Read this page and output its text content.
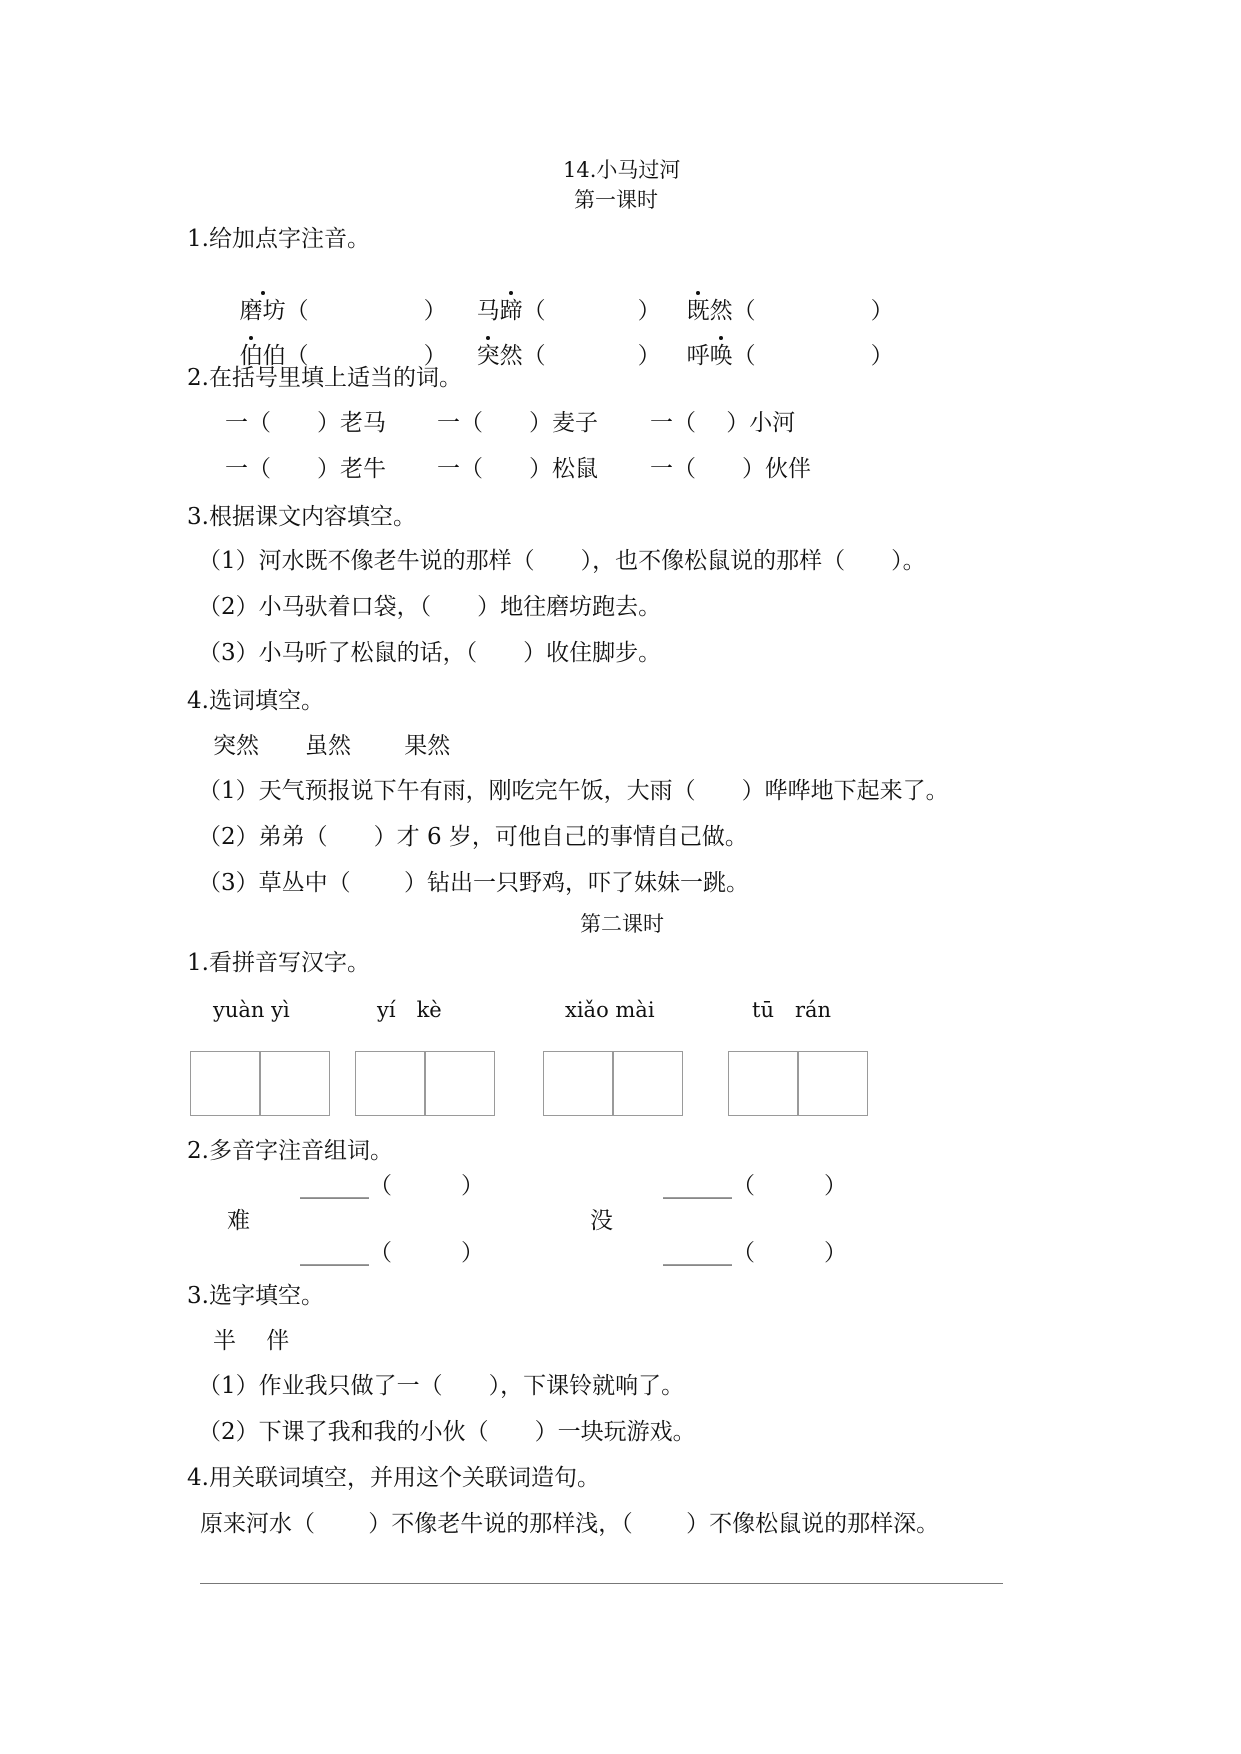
14.小马过河
第一课时
1.给加点字注音。

磨坊（　　　　　）	马蹄（　　　　）	既然（　　　　　）

伯伯（　　　　　）	突然（　　　　）	呼唤（　　　　　）

2.在括号里填上适当的词。
一（　　）老马 一（　　）麦子 一（　 ）小河
一（　　）老牛 一（　　）松鼠 一（　　）伙伴
3.根据课文内容填空。
（1）河水既不像老牛说的那样（　　），也不像松鼠说的那样（　　）。
（2）小马驮着口袋，（　　）地往磨坊跑去。
（3）小马听了松鼠的话，（　　）收住脚步。
4.选词填空。
突然　　虽然　　 果然
（1）天气预报说下午有雨，刚吃完午饭，大雨（　　）哗哗地下起来了。
（2）弟弟（　　）才 6 岁，可他自己的事情自己做。
（3）草丛中（　　 ）钻出一只野鸡，吓了妹妹一跳。
第二课时
1.看拼音写汉字。
yuàn yì	yí　kè	xiǎo mài	tū　rán
2.多音字注音组词。
______（　　　）	______（　　　）
难	没
______（　　　）	______（　　　）
3.选字填空。
半　 伴
（1）作业我只做了一（　　），下课铃就响了。
（2）下课了我和我的小伙（　　）一块玩游戏。
4.用关联词填空，并用这个关联词造句。
原来河水（　　 ）不像老牛说的那样浅，（　　 ）不像松鼠说的那样深。
